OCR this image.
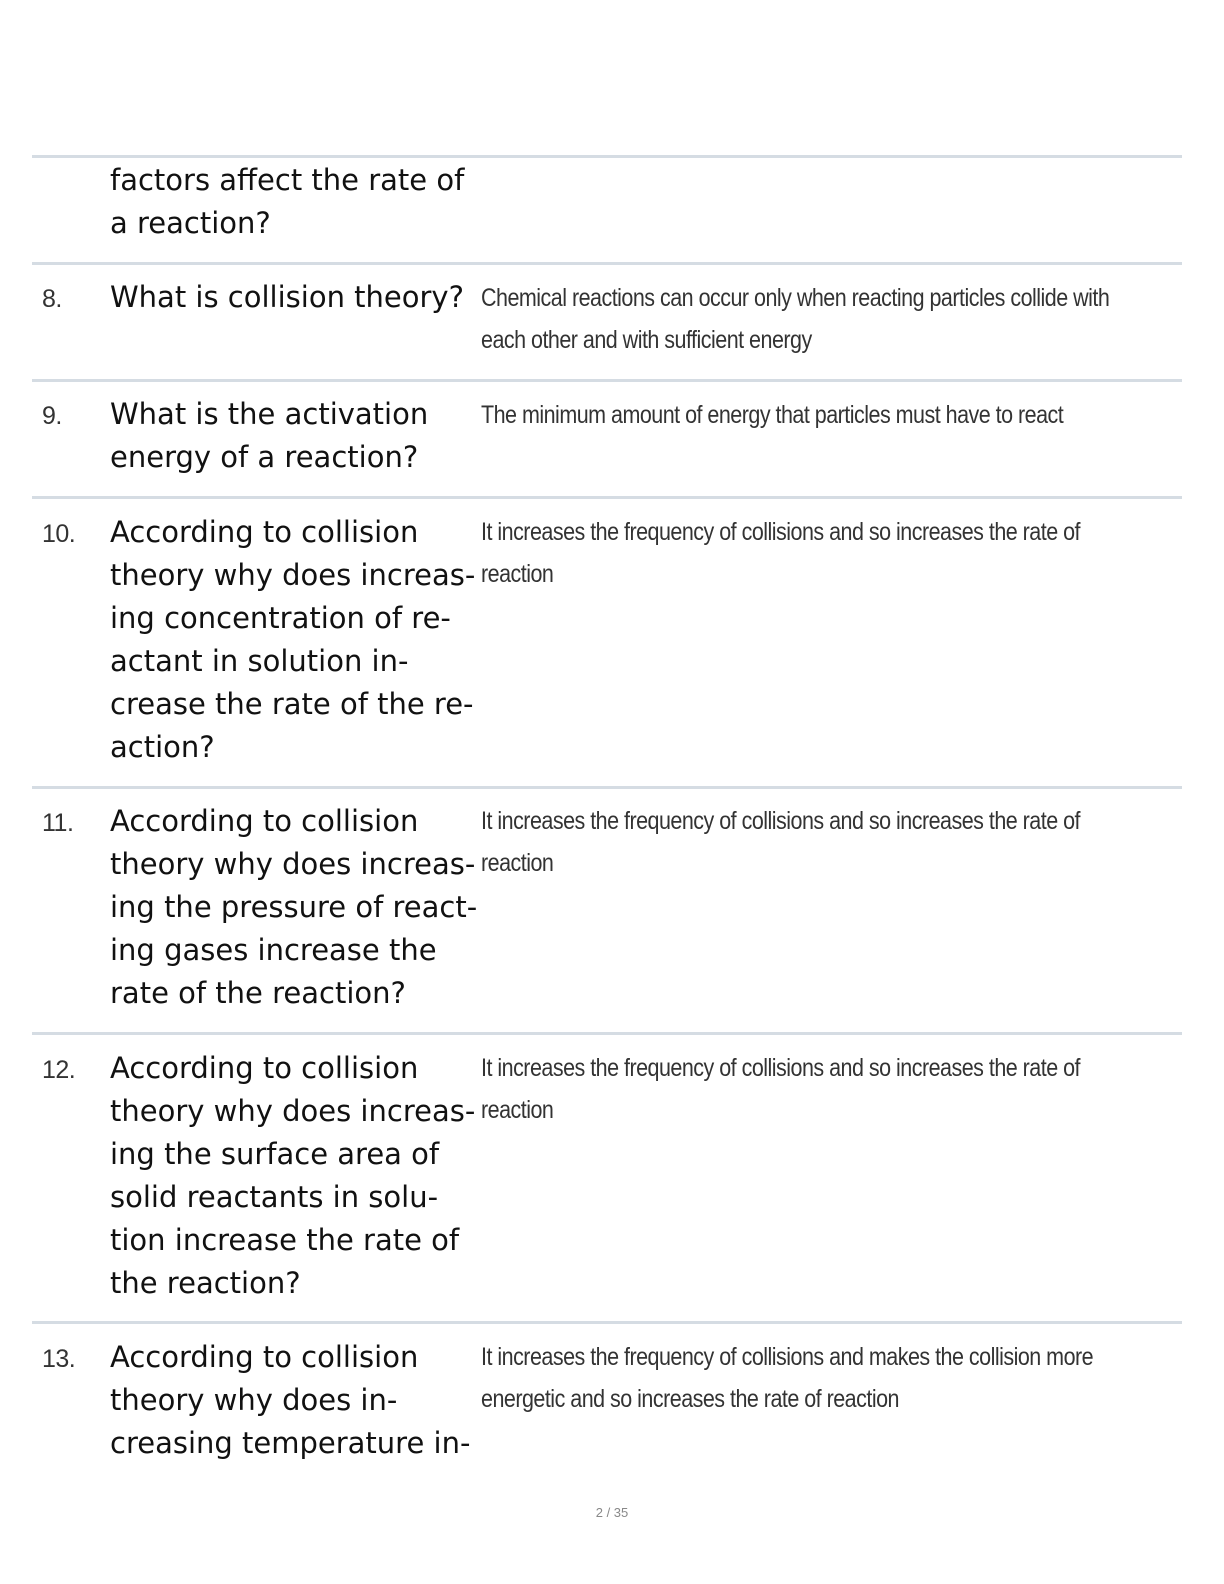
factors affect the rate of
a reaction?
8. What is collision theory? Chemical reactions can occur only when reacting particles collide with
each other and with sufficient energy
9. What is the activation
energy of a reaction?
The minimum amount of energy that particles must have to react
10. According to collision
theory why does increas-
ing concentration of re-
actant in solution in-
crease the rate of the re-
action?
It increases the frequency of collisions and so increases the rate of
reaction
11. According to collision
theory why does increas-
ing the pressure of react-
ing gases increase the
rate of the reaction?
It increases the frequency of collisions and so increases the rate of
reaction
12. According to collision
theory why does increas-
ing the surface area of
solid reactants in solu-
tion increase the rate of
the reaction?
It increases the frequency of collisions and so increases the rate of
reaction
13. According to collision
theory why does in-
creasing temperature in-
It increases the frequency of collisions and makes the collision more
energetic and so increases the rate of reaction
2 / 35
